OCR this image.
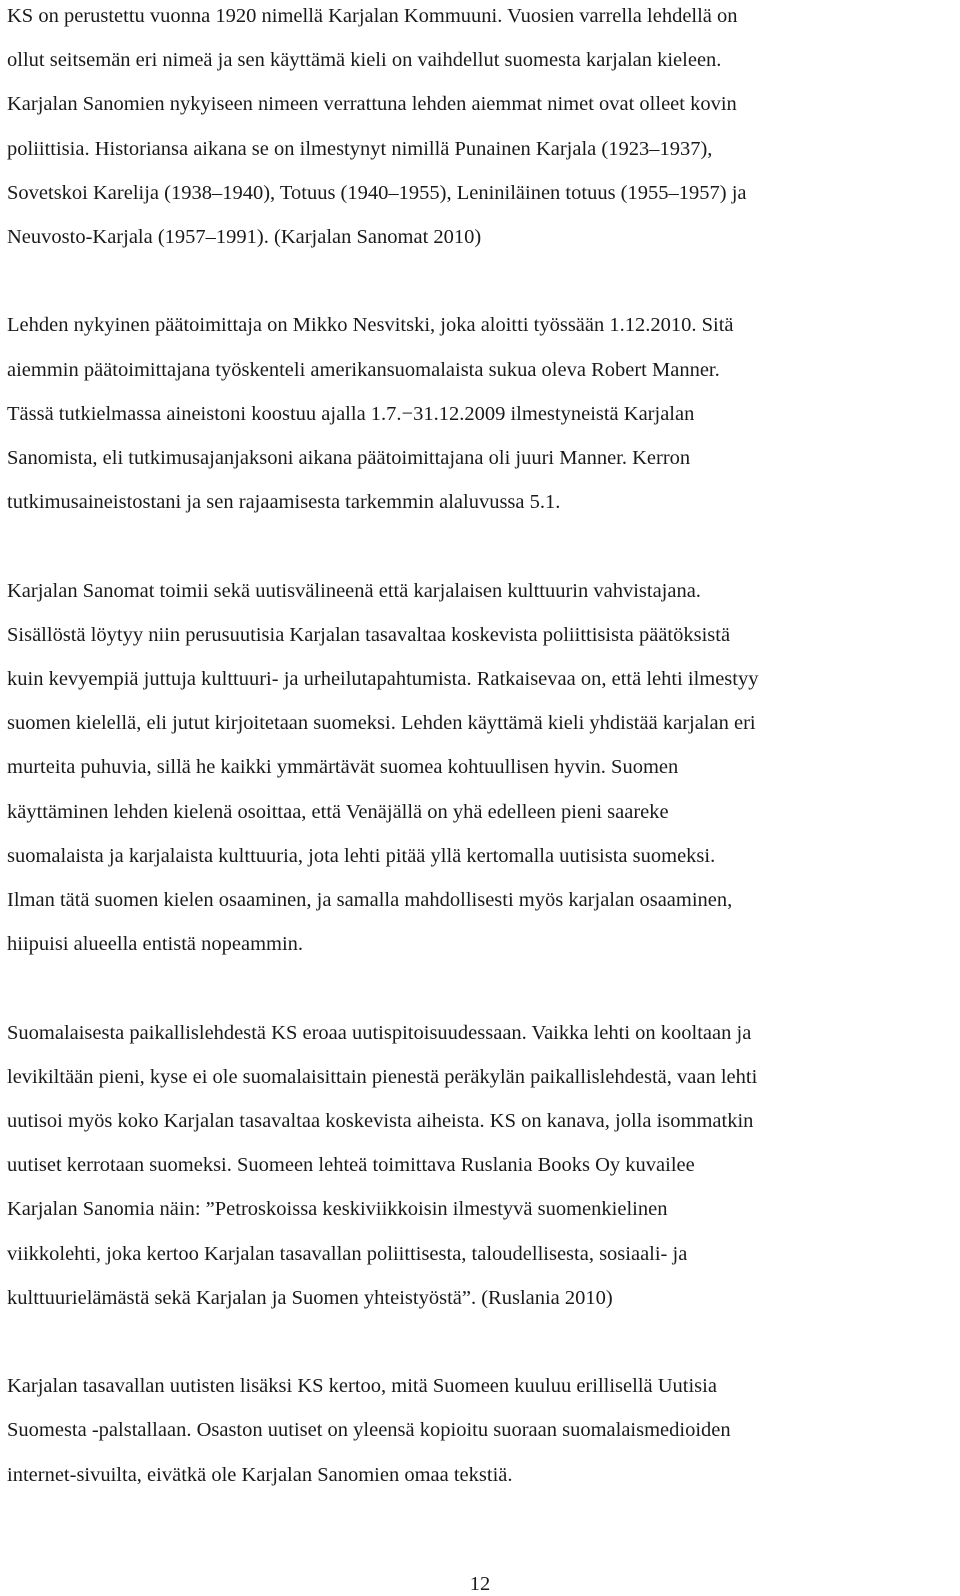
KS on perustettu vuonna 1920 nimellä Karjalan Kommuuni. Vuosien varrella lehdellä on
ollut seitsemän eri nimeä ja sen käyttämä kieli on vaihdellut suomesta karjalan kieleen.
Karjalan Sanomien nykyiseen nimeen verrattuna lehden aiemmat nimet ovat olleet kovin
poliittisia. Historiansa aikana se on ilmestynyt nimillä Punainen Karjala (1923‒1937),
Sovetskoi Karelija (1938‒1940), Totuus (1940‒1955), Leniniläinen totuus (1955‒1957) ja
Neuvosto-Karjala (1957‒1991). (Karjalan Sanomat 2010)

Lehden nykyinen päätoimittaja on Mikko Nesvitski, joka aloitti työssään 1.12.2010. Sitä
aiemmin päätoimittajana työskenteli amerikansuomalaista sukua oleva Robert Manner.
Tässä tutkielmassa aineistoni koostuu ajalla 1.7.−31.12.2009 ilmestyneistä Karjalan
Sanomista, eli tutkimusajanjaksoni aikana päätoimittajana oli juuri Manner. Kerron
tutkimusaineistostani ja sen rajaamisesta tarkemmin alaluvussa 5.1.

Karjalan Sanomat toimii sekä uutisvälineenä että karjalaisen kulttuurin vahvistajana.
Sisällöstä löytyy niin perusuutisia Karjalan tasavaltaa koskevista poliittisista päätöksistä
kuin kevyempiä juttuja kulttuuri- ja urheilutapahtumista. Ratkaisevaa on, että lehti ilmestyy
suomen kielellä, eli jutut kirjoitetaan suomeksi. Lehden käyttämä kieli yhdistää karjalan eri
murteita puhuvia, sillä he kaikki ymmärtävät suomea kohtuullisen hyvin. Suomen
käyttäminen lehden kielenä osoittaa, että Venäjällä on yhä edelleen pieni saareke
suomalaista ja karjalaista kulttuuria, jota lehti pitää yllä kertomalla uutisista suomeksi.
Ilman tätä suomen kielen osaaminen, ja samalla mahdollisesti myös karjalan osaaminen,
hiipuisi alueella entistä nopeammin.

Suomalaisesta paikallislehdestä KS eroaa uutispitoisuudessaan. Vaikka lehti on kooltaan ja
levikiltään pieni, kyse ei ole suomalaisittain pienestä peräkylän paikallislehdestä, vaan lehti
uutisoi myös koko Karjalan tasavaltaa koskevista aiheista. KS on kanava, jolla isommatkin
uutiset kerrotaan suomeksi. Suomeen lehteä toimittava Ruslania Books Oy kuvailee
Karjalan Sanomia näin: ”Petroskoissa keskiviikkoisin ilmestyvä suomenkielinen
viikkolehti, joka kertoo Karjalan tasavallan poliittisesta, taloudellisesta, sosiaali- ja
kulttuurielämästä sekä Karjalan ja Suomen yhteistyöstä”. (Ruslania 2010)

Karjalan tasavallan uutisten lisäksi KS kertoo, mitä Suomeen kuuluu erillisellä Uutisia
Suomesta -palstallaan. Osaston uutiset on yleensä kopioitu suoraan suomalaismedioiden
internet-sivuilta, eivätkä ole Karjalan Sanomien omaa tekstiä.

12
